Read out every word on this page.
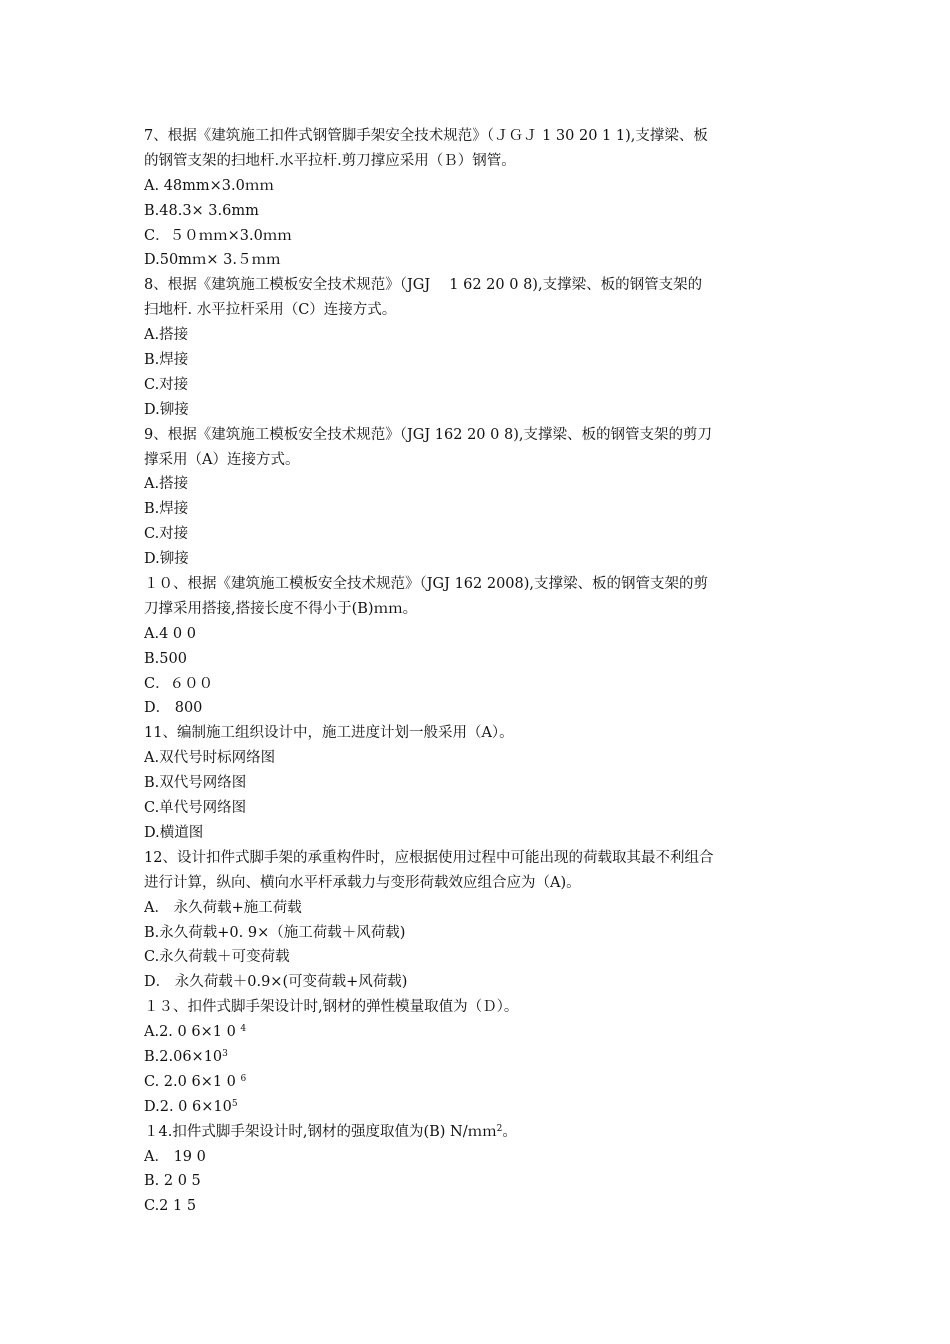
7、根据《建筑施工扣件式钢管脚手架安全技术规范》（ＪＧＪ 1 30 20 1 1),支撑梁、板
的钢管支架的扫地杆.水平拉杆.剪刀撑应采用（Ｂ）钢管。
A. 48mm×3.0ｍｍ
B.48.3× 3.6mm
C．５０ｍｍ×3.0ｍｍ
D.50mｍ× 3.５ｍｍ
8、根据《建筑施工模板安全技术规范》（JGJ　 1 62 20 0 8),支撑梁、板的钢管支架的
扫地杆. 水平拉杆采用（C）连接方式。
A.搭接
B.焊接
C.对接
D.铆接
9、根据《建筑施工模板安全技术规范》（JGJ 162 20 0 8),支撑梁、板的钢管支架的剪刀
撑采用（A）连接方式。
A.搭接
B.焊接
C.对接
D.铆接
１０、根据《建筑施工模板安全技术规范》（JGJ 162 2008),支撑梁、板的钢管支架的剪
刀撑采用搭接,搭接长度不得小于(B)ｍｍ。
A.4 0 0
B.500
C．６００
D． 800
11、编制施工组织设计中，施工进度计划一般采用（A）。
A.双代号时标网络图
B.双代号网络图
C.单代号网络图
D.横道图
12、设计扣件式脚手架的承重构件时，应根据使用过程中可能出现的荷载取其最不利组合
进行计算，纵向、横向水平杆承载力与变形荷载效应组合应为（A)。
A． 永久荷载+施工荷载
B.永久荷载+0. 9×（施工荷载＋风荷载)
C.永久荷载＋可变荷载
D． 永久荷载＋0.9×(可变荷载+风荷载)
１３、扣件式脚手架设计时,钢材的弹性模量取值为（Ｄ）。
A.2. 0 6×1 0 $^4$
$B.2.06\times 10^3$
C. 2.0 6×1 0 $^6$
D.2. 0 $6\times 10^5$
１4.扣件式脚手架设计时,钢材的强度取值为(B) N/ｍｍ$^2$。
A． 19 0
B. 2 0 5
C.2 1 5
